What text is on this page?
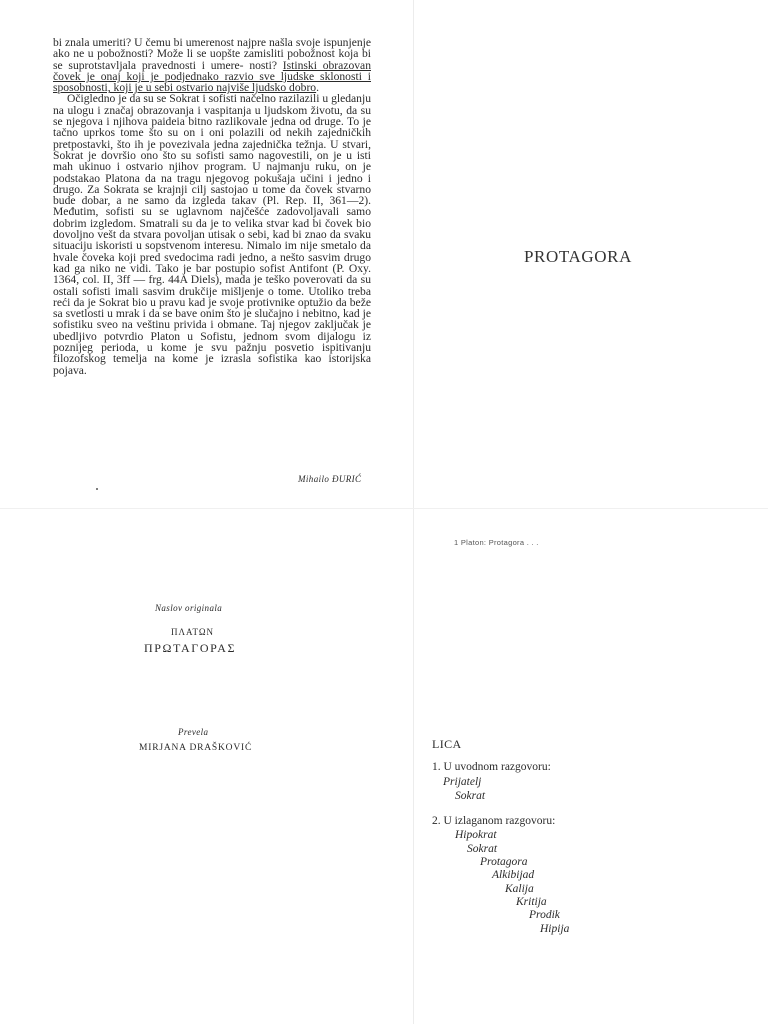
bi znala umeriti? U čemu bi umerenost najpre našla svoje ispunjenje ako ne u pobožnosti? Može li se uopšte zamisliti pobožnost koja bi se suprotstavljala pravednosti i umere- nosti? Istinski obrazovan čovek je onaj koji je podjednako razvio sve ljudske sklonosti i sposobnosti, koji je u sebi ostvario najviše ljudsko dobro.

Očigledno je da su se Sokrat i sofisti načelno razilazili u gledanju na ulogu i značaj obrazovanja i vaspitanja u ljudskom životu, da su se njegova i njihova paideia bitno razlikovale jedna od druge. To je tačno uprkos tome što su on i oni polazili od nekih zajedničkih pretpostavki, što ih je povezivala jedna zajednička težnja. U stvari, Sokrat je dovršio ono što su sofisti samo nagovestili, on je u isti mah ukinuo i ostvario njihov program. U najmanju ruku, on je podstakao Platona da na tragu njegovog pokušaja učini i jedno i drugo. Za Sokrata se krajnji cilj sastojao u tome da čovek stvarno bude dobar, a ne samo da izgleda takav (Pl. Rep. II, 361—2). Međutim, sofisti su se uglavnom najčešće zadovoljavali samo dobrim izgledom. Smatrali su da je to velika stvar kad bi čovek bio dovoljno vešt da stvara povoljan utisak o sebi, kad bi znao da svaku situaciju iskoristi u sopstvenom interesu. Nimalo im nije smetalo da hvale čoveka koji pred svedocima radi jedno, a nešto sasvim drugo kad ga niko ne vidi. Tako je bar postupio sofist Antifont (P. Oxy. 1364, col. II, 3ff — frg. 44A Diels), mada je teško poverovati da su ostali sofisti imali sasvim drukčije mišljenje o tome. Utoliko treba reći da je Sokrat bio u pravu kad je svoje protivnike optužio da beže sa svetlosti u mrak i da se bave onim što je slučajno i nebitno, kad je sofistiku sveo na veštinu privida i obmane. Taj njegov zaključak je ubedljivo potvrdio Platon u Sofistu, jednom svom dijalogu iz poznijeg perioda, u kome je svu pažnju posvetio ispitivanju filozofskog temelja na kome je izrasla sofistika kao istorijska pojava.

Mihailo ĐURIĆ
PROTAGORA
1 Platon: Protagora . . .
Naslov originala
ΠΛΑΤΩΝ
ΠΡΩΤΑΓΟΡΑΣ
Prevela
MIRJANA DRAŠKOVIĆ	LICA
1. U uvodnom razgovoru:
Prijatelj
Sokrat
2. U izlaganom razgovoru:
Hipokrat
Sokrat
Protagora
Alkibijad
Kalija
Kritija
Prodik
Hipija
